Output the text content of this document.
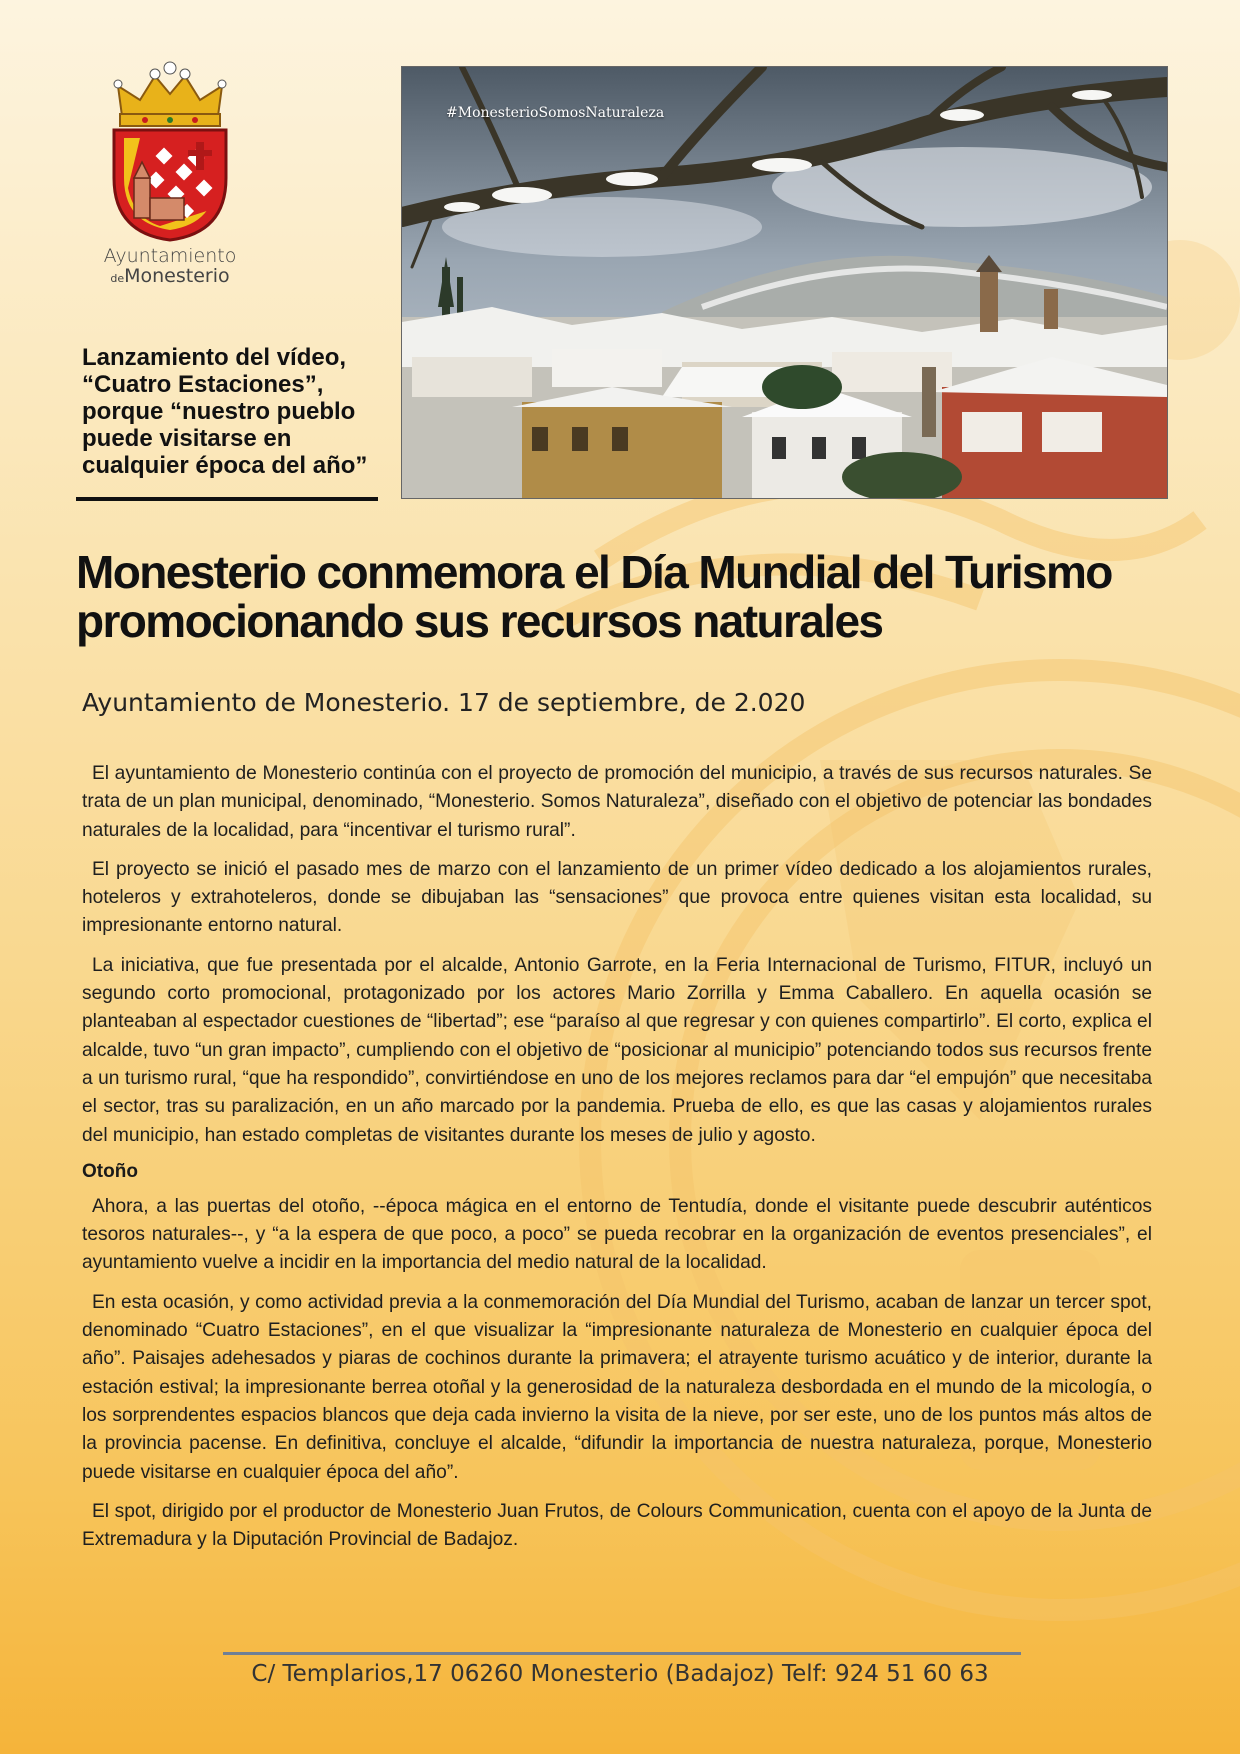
Ayuntamiento
deMonesterio
Lanzamiento del vídeo, “Cuatro Estaciones”, porque “nuestro pueblo puede visitarse en cualquier época del año”
#MonesterioSomosNaturaleza
Monesterio conmemora el Día Mundial del Turismo promocionando sus recursos naturales
Ayuntamiento de Monesterio. 17 de septiembre, de 2.020

El ayuntamiento de Monesterio continúa con el proyecto de promoción del municipio, a través de sus recursos naturales. Se trata de un plan municipal, denominado, “Monesterio. Somos Naturaleza”, diseñado con el objetivo de potenciar las bondades naturales de la localidad, para “incentivar el turismo rural”.

El proyecto se inició el pasado mes de marzo con el lanzamiento de un primer vídeo dedicado a los alojamientos rurales, hoteleros y extrahoteleros, donde se dibujaban las “sensaciones” que provoca entre quienes visitan esta localidad, su impresionante entorno natural.

La iniciativa, que fue presentada por el alcalde, Antonio Garrote, en la Feria Internacional de Turismo, FITUR, incluyó un segundo corto promocional, protagonizado por los actores Mario Zorrilla y Emma Caballero. En aquella ocasión se planteaban al espectador cuestiones de “libertad”; ese “paraíso al que regresar y con quienes compartirlo”. El corto, explica el alcalde, tuvo “un gran impacto”, cumpliendo con el objetivo de “posicionar al municipio” potenciando todos sus recursos frente a un turismo rural, “que ha respondido”, convirtiéndose en uno de los mejores reclamos para dar “el empujón” que necesitaba el sector, tras su paralización, en un año marcado por la pandemia. Prueba de ello, es que las casas y alojamientos rurales del municipio, han estado completas de visitantes durante los meses de julio y agosto.

Otoño

Ahora, a las puertas del otoño, --época mágica en el entorno de Tentudía, donde el visitante puede descubrir auténticos tesoros naturales--, y “a la espera de que poco, a poco” se pueda recobrar en la organización de eventos presenciales”, el ayuntamiento vuelve a incidir en la importancia del medio natural de la localidad.

En esta ocasión, y como actividad previa a la conmemoración del Día Mundial del Turismo, acaban de lanzar un tercer spot, denominado “Cuatro Estaciones”, en el que visualizar la “impresionante naturaleza de Monesterio en cualquier época del año”. Paisajes adehesados y piaras de cochinos durante la primavera; el atrayente turismo acuático y de interior, durante la estación estival; la impresionante berrea otoñal y la generosidad de la naturaleza desbordada en el mundo de la micología, o los sorprendentes espacios blancos que deja cada invierno la visita de la nieve, por ser este, uno de los puntos más altos de la provincia pacense. En definitiva, concluye el alcalde, “difundir la importancia de nuestra naturaleza, porque, Monesterio puede visitarse en cualquier época del año”.

El spot, dirigido por el productor de Monesterio Juan Frutos, de Colours Communication, cuenta con el apoyo de la Junta de Extremadura y la Diputación Provincial de Badajoz.

C/ Templarios,17 06260 Monesterio (Badajoz) Telf: 924 51 60 63
